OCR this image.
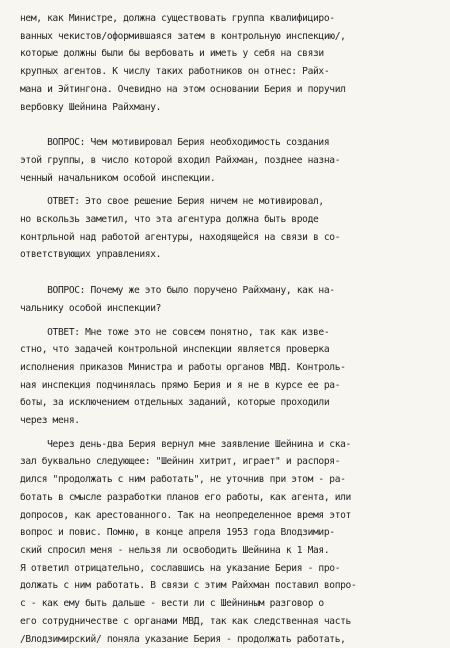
нем, как Министре, должна существовать группа квалифициро-
ванных чекистов/оформившаяся затем в контрольную инспекцию/,
которые должны были бы вербовать и иметь у себя на связи
крупных агентов. К числу таких работников он отнес: Райх-
мана и Эйтингона. Очевидно на этом основании Берия и поручил
вербовку Шейнина Райхману.
ВОПРОС: Чем мотивировал Берия необходимость создания
этой группы, в число которой входил Райхман, позднее назна-
ченный начальником особой инспекции.
ОТВЕТ: Это свое решение Берия ничем не мотивировал,
но вскользь заметил, что эта агентура должна быть вроде
контрльной над работой агентуры, находящейся на связи в со-
ответствующих управлениях.
ВОПРОС: Почему же это было поручено Райхману, как на-
чальнику особой инспекции?
ОТВЕТ: Мне тоже это не совсем понятно, так как изве-
стно, что задачей контрольной инспекции является проверка
исполнения приказов Министра и работы органов МВД. Контроль-
ная инспекция подчинялась прямо Берия и я не в курсе ее ра-
боты, за исключением отдельных заданий, которые проходили
через меня.
Через день-два Берия вернул мне заявление Шейнина и ска-
зал буквально следующее: "Шейнин хитрит, играет" и распоря-
дился "продолжать с ним работать", не уточнив при этом - ра-
ботать в смысле разработки планов его работы, как агента, или
допросов, как арестованного. Так на неопределенное время этот
вопрос и повис. Помню, в конце апреля 1953 года Влодзимир-
ский спросил меня - нельзя ли освободить Шейнина к 1 Мая.
Я ответил отрицательно, сославшись на указание Берия - про-
должать с ним работать. В связи с этим Райхман поставил вопро-
с - как ему быть дальше - вести ли с Шейниным разговор о
его сотрудничестве с органами МВД, так как следственная часть
/Влодзимирский/ поняла указание Берия - продолжать работать,
